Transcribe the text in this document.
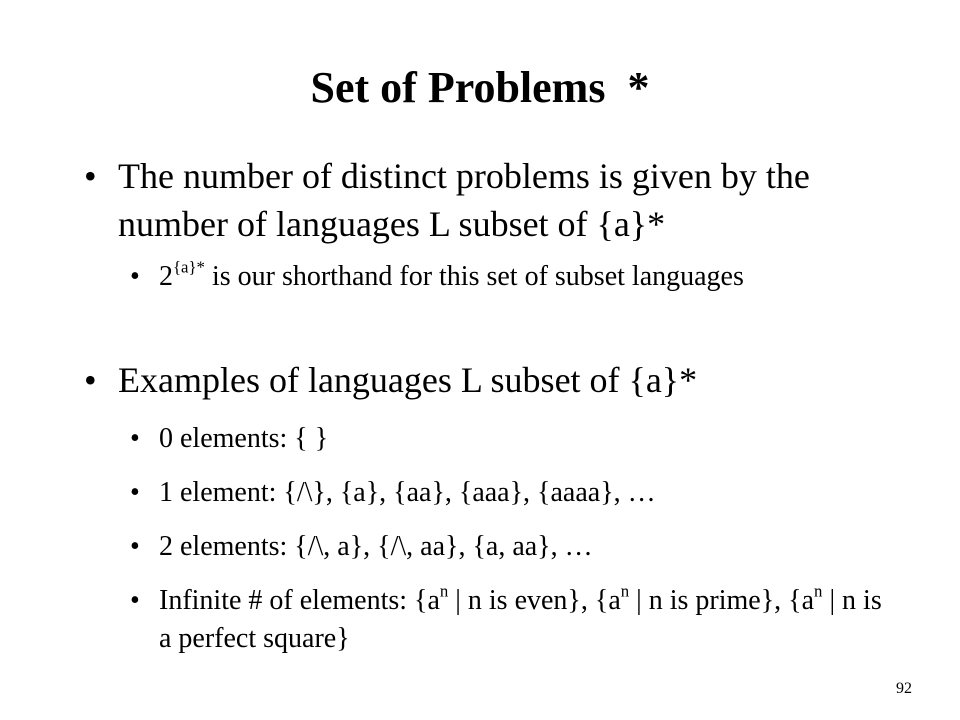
Set of Problems  *
• The number of distinct problems is given by the number of languages L subset of {a}*
• $2^{\{a\}*}$ is our shorthand for this set of subset languages
• Examples of languages L subset of {a}*
• 0 elements: { }
• 1 element: {/\}, {a}, {aa}, {aaa}, {aaaa}, …
• 2 elements: {/\, a}, {/\, aa}, {a, aa}, …
• Infinite # of elements: {$a^n$ | n is even}, {$a^n$ | n is prime}, {$a^n$ | n is a perfect square}
92
